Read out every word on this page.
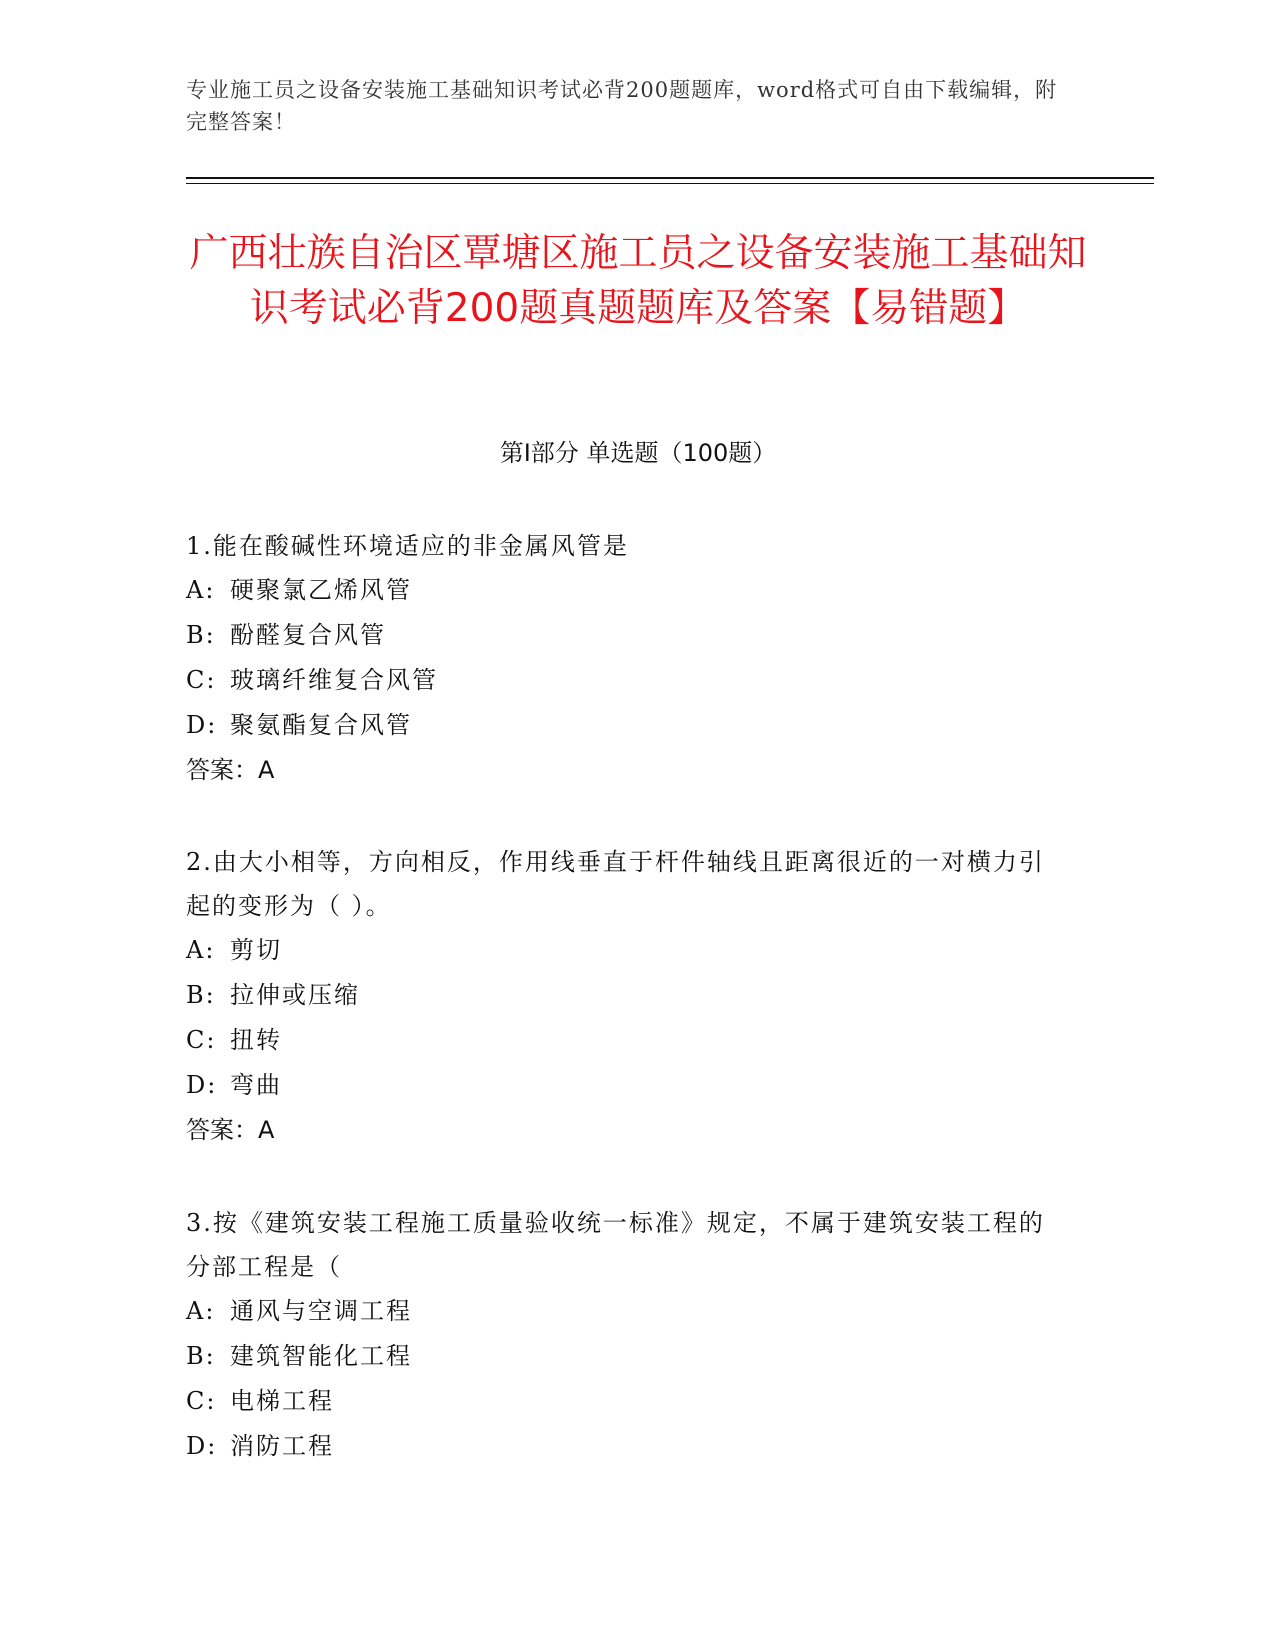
专业施工员之设备安装施工基础知识考试必背200题题库，word格式可自由下载编辑，附完整答案！
广西壮族自治区覃塘区施工员之设备安装施工基础知识考试必背200题真题题库及答案【易错题】
第I部分 单选题（100题）

1.能在酸碱性环境适应的非金属风管是

A: 硬聚氯乙烯风管

B: 酚醛复合风管

C: 玻璃纤维复合风管

D: 聚氨酯复合风管

答案：A

2.由大小相等，方向相反，作用线垂直于杆件轴线且距离很近的一对横力引起的变形为（ ）。

A: 剪切

B: 拉伸或压缩

C: 扭转

D: 弯曲

答案：A

3.按《建筑安装工程施工质量验收统一标准》规定，不属于建筑安装工程的分部工程是（

A: 通风与空调工程

B: 建筑智能化工程

C: 电梯工程

D: 消防工程
